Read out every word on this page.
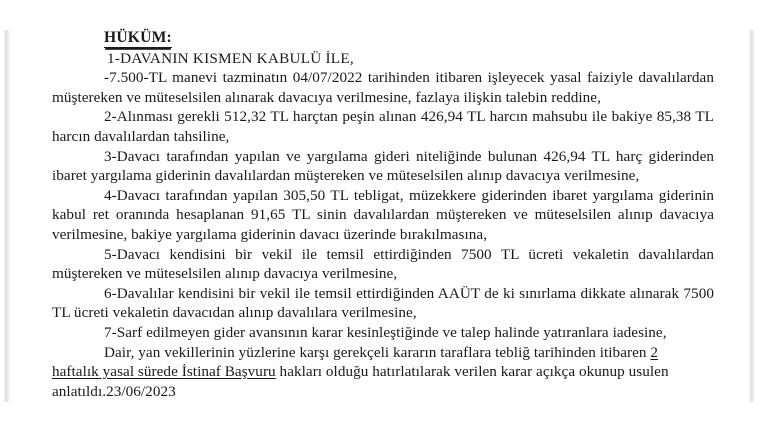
HÜKÜM:
1-DAVANIN KISMEN KABULÜ İLE,

-7.500-TL manevi tazminatın 04/07/2022 tarihinden itibaren işleyecek yasal faiziyle davalılardan müştereken ve müteselsilen alınarak davacıya verilmesine, fazlaya ilişkin talebin reddine,

2-Alınması gerekli 512,32 TL harçtan peşin alınan 426,94 TL harcın mahsubu ile bakiye 85,38 TL harcın davalılardan tahsiline,

3-Davacı tarafından yapılan ve yargılama gideri niteliğinde bulunan 426,94 TL harç giderinden ibaret yargılama giderinin davalılardan müştereken ve müteselsilen alınıp davacıya verilmesine,

4-Davacı tarafından yapılan 305,50 TL tebligat, müzekkere giderinden ibaret yargılama giderinin kabul ret oranında hesaplanan 91,65 TL sinin davalılardan müştereken ve müteselsilen alınıp davacıya verilmesine, bakiye yargılama giderinin davacı üzerinde bırakılmasına,

5-Davacı kendisini bir vekil ile temsil ettirdiğinden 7500 TL ücreti vekaletin davalılardan müştereken ve müteselsilen alınıp davacıya verilmesine,

6-Davalılar kendisini bir vekil ile temsil ettirdiğinden AAÜT de ki sınırlama dikkate alınarak 7500 TL ücreti vekaletin davacıdan alınıp davalılara verilmesine,

7-Sarf edilmeyen gider avansının karar kesinleştiğinde ve talep halinde yatıranlara iadesine,

Dair, yan vekillerinin yüzlerine karşı gerekçeli kararın taraflara tebliğ tarihinden itibaren 2

haftalık yasal sürede İstinaf Başvuru hakları olduğu hatırlatılarak verilen karar açıkça okunup usulen

anlatıldı.23/06/2023
